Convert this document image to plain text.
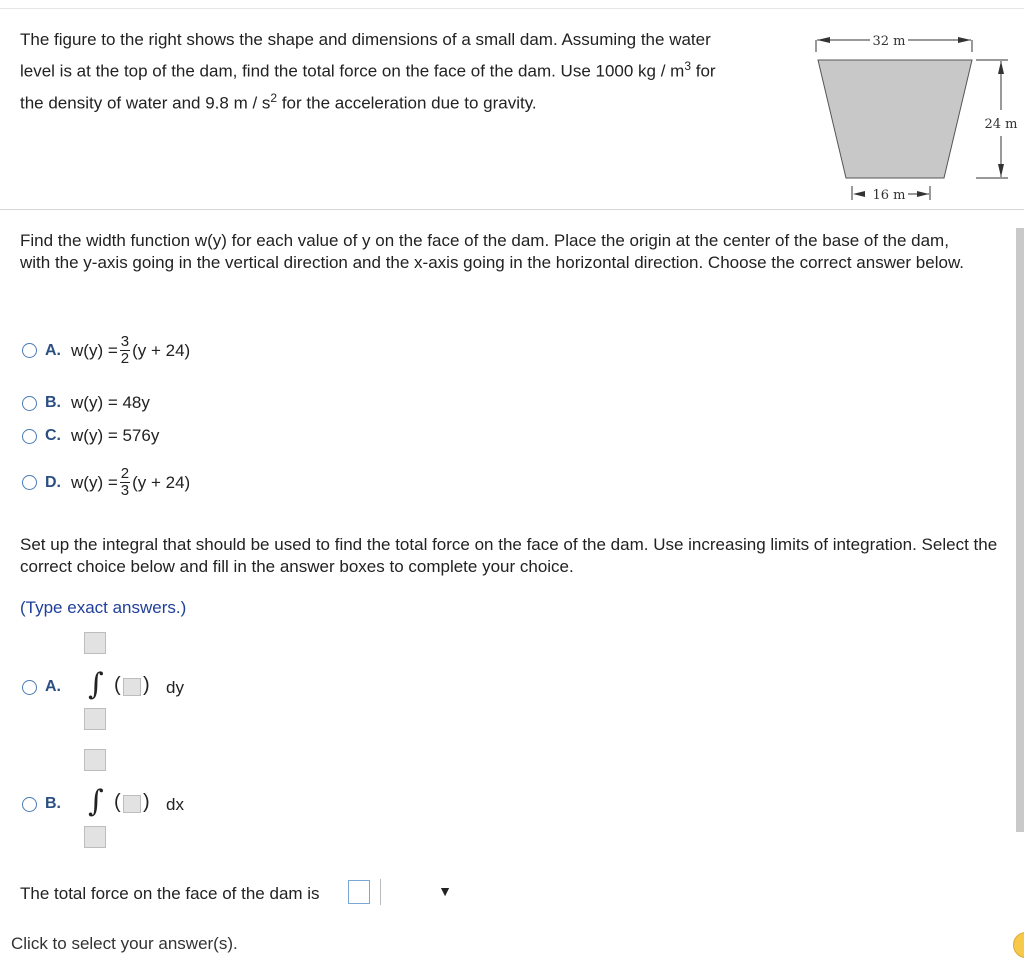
The figure to the right shows the shape and dimensions of a small dam. Assuming the water
level is at the top of the dam, find the total force on the face of the dam. Use 1000 kg / $m^3$ for
the density of water and 9.8 m / $s^2$ for the acceleration due to gravity.
32 m
24 m
16 m
Find the width function w(y) for each value of y on the face of the dam. Place the origin at the center of the base of the dam, with the y-axis going in the vertical direction and the x-axis going in the horizontal direction. Choose the correct answer below.
A. $w(y) = \frac{3}{2} (y + 24)$
B. w(y) = 48y
C. w(y) = 576y
D. $w(y) = \frac{2}{3} (y + 24)$
Set up the integral that should be used to find the total force on the face of the dam. Use increasing limits of integration. Select the correct choice below and fill in the answer boxes to complete your choice.
(Type exact answers.)
A. ∫ ( ) dy
B. ∫ ( ) dx
The total force on the face of the dam is	▼
Click to select your answer(s).
